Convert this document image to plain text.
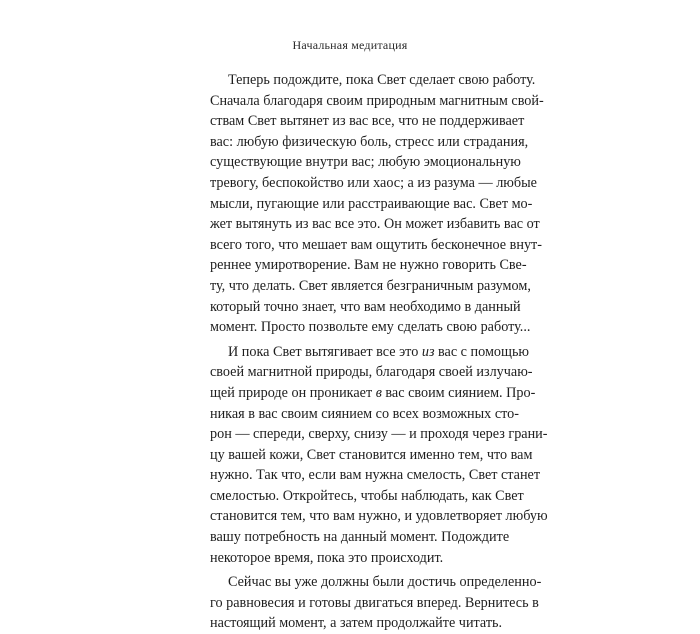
Начальная медитация
Теперь подождите, пока Свет сделает свою работу.
Сначала благодаря своим природным магнитным свой-
ствам Свет вытянет из вас все, что не поддерживает
вас: любую физическую боль, стресс или страдания,
существующие внутри вас; любую эмоциональную
тревогу, беспокойство или хаос; а из разума — любые
мысли, пугающие или расстраивающие вас. Свет мо-
жет вытянуть из вас все это. Он может избавить вас от
всего того, что мешает вам ощутить бесконечное внут-
реннее умиротворение. Вам не нужно говорить Све-
ту, что делать. Свет является безграничным разумом,
который точно знает, что вам необходимо в данный
момент. Просто позвольте ему сделать свою работу...
И пока Свет вытягивает все это из вас с помощью
своей магнитной природы, благодаря своей излучаю-
щей природе он проникает в вас своим сиянием. Про-
никая в вас своим сиянием со всех возможных сто-
рон — спереди, сверху, снизу — и проходя через грани-
цу вашей кожи, Свет становится именно тем, что вам
нужно. Так что, если вам нужна смелость, Свет станет
смелостью. Откройтесь, чтобы наблюдать, как Свет
становится тем, что вам нужно, и удовлетворяет любую
вашу потребность на данный момент. Подождите
некоторое время, пока это происходит.
Сейчас вы уже должны были достичь определенно-
го равновесия и готовы двигаться вперед. Вернитесь в
настоящий момент, а затем продолжайте читать.
